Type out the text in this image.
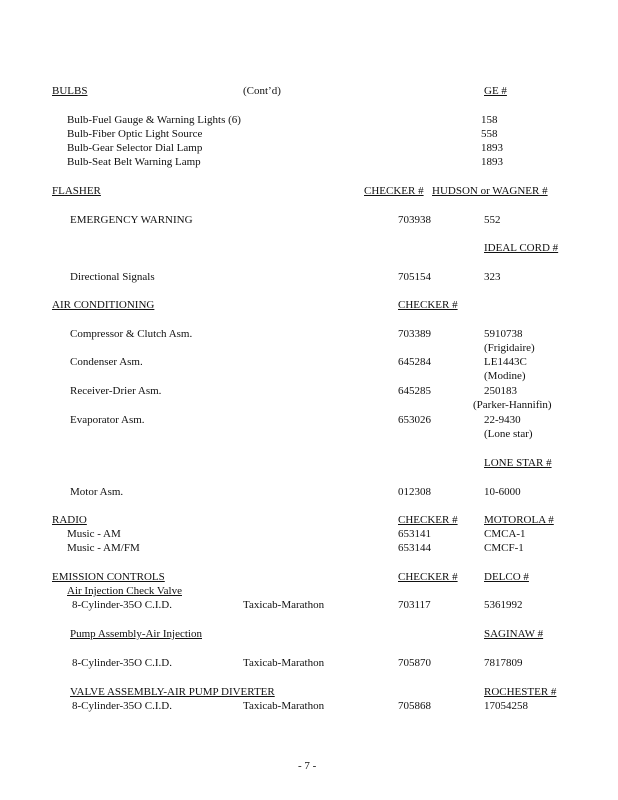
BULBS	(Cont’d)	GE #
Bulb-Fuel Gauge & Warning Lights (6)	158
Bulb-Fiber Optic Light Source	558
Bulb-Gear Selector Dial Lamp	1893
Bulb-Seat Belt Warning Lamp	1893
FLASHER	CHECKER # HUDSON or WAGNER #
EMERGENCY WARNING	703938	552
IDEAL CORD #
Directional Signals	705154	323
AIR CONDITIONING	CHECKER #
Compressor & Clutch Asm.	703389	5910738
(Frigidaire)
Condenser Asm.	645284	LE1443C
(Modine)
Receiver-Drier Asm.	645285	250183
(Parker-Hannifin)
Evaporator Asm.	653026	22-9430
(Lone star)
LONE STAR #
Motor Asm.	012308	10-6000
RADIO	CHECKER # MOTOROLA #
Music - AM	653141	CMCA-1
Music - AM/FM	653144	CMCF-1
EMISSION CONTROLS	CHECKER # DELCO #
Air Injection Check Valve
8-Cylinder-35O C.I.D.	Taxicab-Marathon	703117	5361992
Pump Assembly-Air Injection	SAGINAW #
8-Cylinder-35O C.I.D.	Taxicab-Marathon	705870	7817809
VALVE ASSEMBLY-AIR PUMP DIVERTER	ROCHESTER #
8-Cylinder-35O C.I.D.	Taxicab-Marathon	705868	17054258
- 7 -
